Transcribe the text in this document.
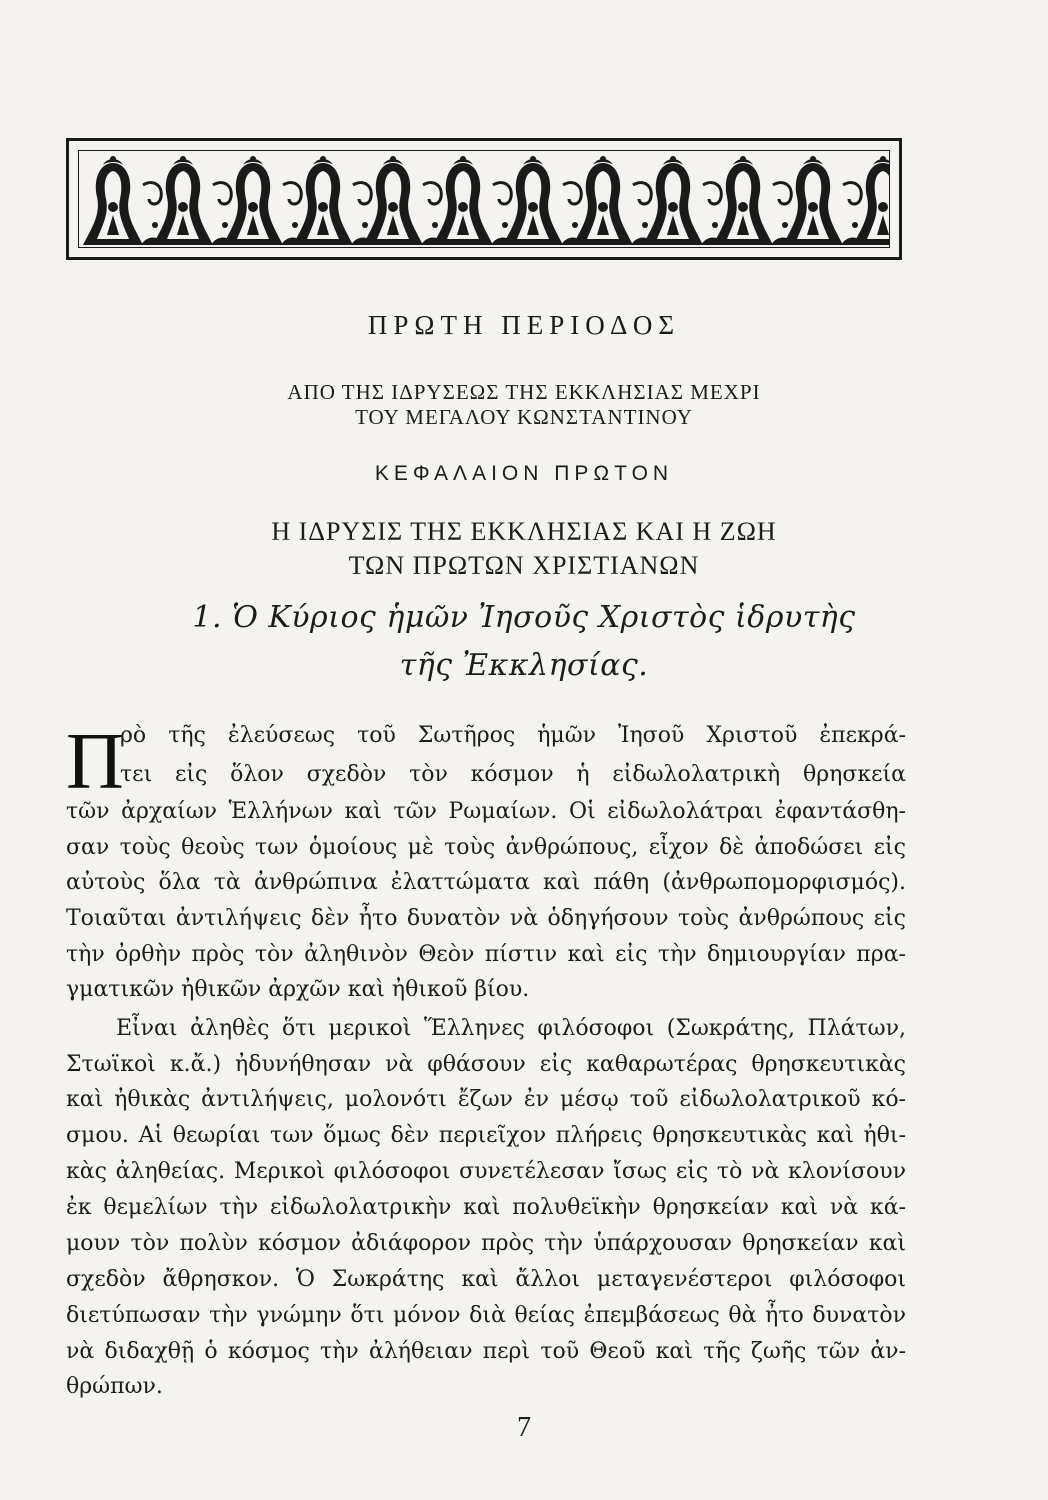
ΠΡΩΤΗ ΠΕΡΙΟΔΟΣ
ΑΠΟ ΤΗΣ ΙΔΡΥΣΕΩΣ ΤΗΣ ΕΚΚΛΗΣΙΑΣ ΜΕΧΡΙ
ΤΟΥ ΜΕΓΑΛΟΥ ΚΩΝΣΤΑΝΤΙΝΟΥ
ΚΕΦΑΛΑΙΟΝ ΠΡΩΤΟΝ
Η ΙΔΡΥΣΙΣ ΤΗΣ ΕΚΚΛΗΣΙΑΣ ΚΑΙ Η ΖΩΗ
ΤΩΝ ΠΡΩΤΩΝ ΧΡΙΣΤΙΑΝΩΝ
1. Ὁ Κύριος ἡμῶν Ἰησοῦς Χριστὸς ἱδρυτὴς
τῆς Ἐκκλησίας.
Π
ρὸ τῆς ἐλεύσεως τοῦ Σωτῆρος ἡμῶν Ἰησοῦ Χριστοῦ ἐπεκρά-
τει εἰς ὅλον σχεδὸν τὸν κόσμον ἡ εἰδωλολατρικὴ θρησκεία
τῶν ἀρχαίων Ἑλλήνων καὶ τῶν Ρωμαίων. Οἱ εἰδωλολάτραι ἐφαντάσθη-
σαν τοὺς θεοὺς των ὁμοίους μὲ τοὺς ἀνθρώπους, εἶχον δὲ ἀποδώσει εἰς
αὐτοὺς ὅλα τὰ ἀνθρώπινα ἐλαττώματα καὶ πάθη (ἀνθρωπομορφισμός).
Τοιαῦται ἀντιλήψεις δὲν ἦτο δυνατὸν νὰ ὁδηγήσουν τοὺς ἀνθρώπους εἰς
τὴν ὀρθὴν πρὸς τὸν ἀληθινὸν Θεὸν πίστιν καὶ εἰς τὴν δημιουργίαν πρα-
γματικῶν ἠθικῶν ἀρχῶν καὶ ἠθικοῦ βίου.
Εἶναι ἀληθὲς ὅτι μερικοὶ Ἕλληνες φιλόσοφοι (Σωκράτης, Πλάτων,
Στωϊκοὶ κ.ἄ.) ἠδυνήθησαν νὰ φθάσουν εἰς καθαρωτέρας θρησκευτικὰς
καὶ ἠθικὰς ἀντιλήψεις, μολονότι ἔζων ἐν μέσῳ τοῦ εἰδωλολατρικοῦ κό-
σμου. Αἱ θεωρίαι των ὅμως δὲν περιεῖχον πλήρεις θρησκευτικὰς καὶ ἠθι-
κὰς ἀληθείας. Μερικοὶ φιλόσοφοι συνετέλεσαν ἴσως εἰς τὸ νὰ κλονίσουν
ἐκ θεμελίων τὴν εἰδωλολατρικὴν καὶ πολυθεϊκὴν θρησκείαν καὶ νὰ κά-
μουν τὸν πολὺν κόσμον ἀδιάφορον πρὸς τὴν ὑπάρχουσαν θρησκείαν καὶ
σχεδὸν ἄθρησκον. Ὁ Σωκράτης καὶ ἄλλοι μεταγενέστεροι φιλόσοφοι
διετύπωσαν τὴν γνώμην ὅτι μόνον διὰ θείας ἐπεμβάσεως θὰ ἦτο δυνατὸν
νὰ διδαχθῇ ὁ κόσμος τὴν ἀλήθειαν περὶ τοῦ Θεοῦ καὶ τῆς ζωῆς τῶν ἀν-
θρώπων.
7
